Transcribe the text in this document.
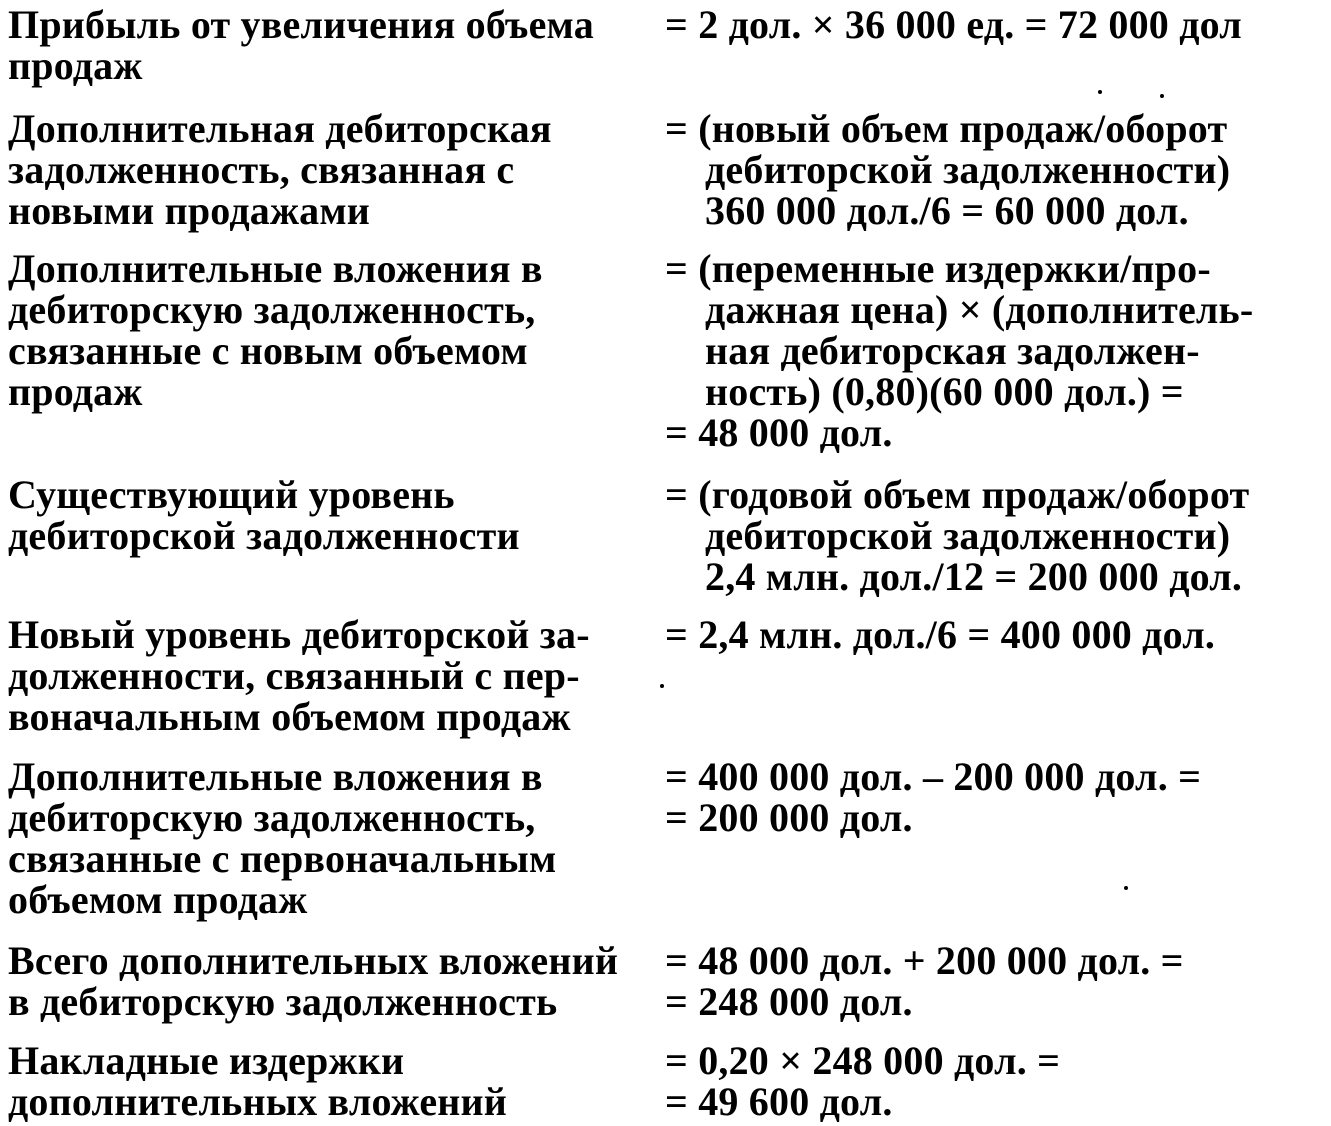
Прибыль от увеличения объема
продаж
= 2 дол. × 36 000 ед. = 72 000 дол
Дополнительная дебиторская
задолженность, связанная с
новыми продажами
= (новый объем продаж/оборот
дебиторской задолженности)
360 000 дол./6 = 60 000 дол.
Дополнительные вложения в
дебиторскую задолженность,
связанные с новым объемом
продаж
= (переменные издержки/про-
дажная цена) × (дополнитель-
ная дебиторская задолжен-
ность) (0,80)(60 000 дол.) =
= 48 000 дол.
Существующий уровень
дебиторской задолженности
= (годовой объем продаж/оборот
дебиторской задолженности)
2,4 млн. дол./12 = 200 000 дол.
Новый уровень дебиторской за-
долженности, связанный с пер-
воначальным объемом продаж
= 2,4 млн. дол./6 = 400 000 дол.
Дополнительные вложения в
дебиторскую задолженность,
связанные с первоначальным
объемом продаж
= 400 000 дол. – 200 000 дол. =
= 200 000 дол.
Всего дополнительных вложений
в дебиторскую задолженность
= 48 000 дол. + 200 000 дол. =
= 248 000 дол.
Накладные издержки
дополнительных вложений
= 0,20 × 248 000 дол. =
= 49 600 дол.
